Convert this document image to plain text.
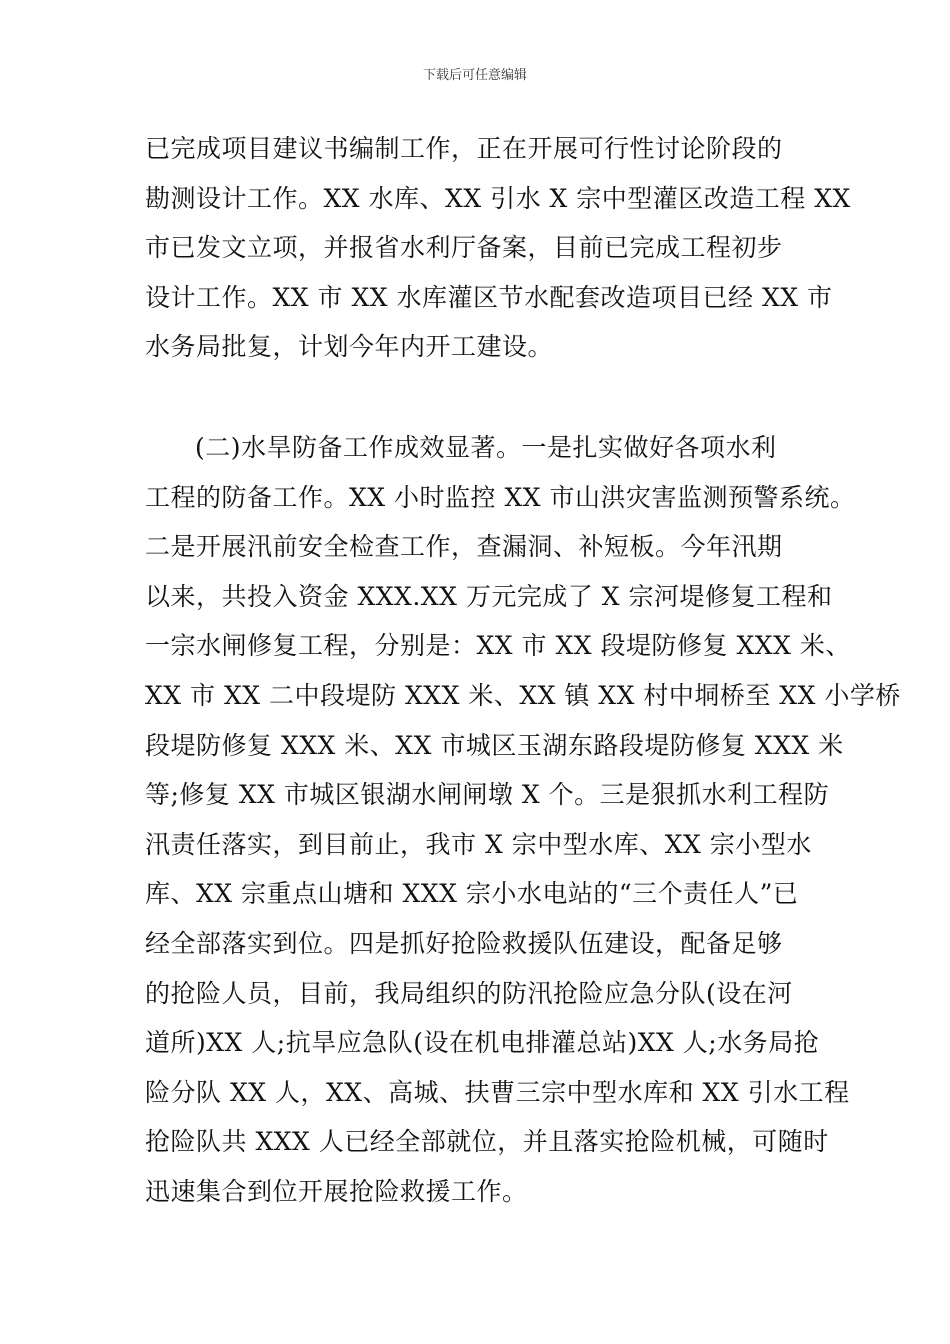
下载后可任意编辑
已完成项目建议书编制工作，正在开展可行性讨论阶段的
勘测设计工作。XX 水库、XX 引水 X 宗中型灌区改造工程 XX
市已发文立项，并报省水利厅备案，目前已完成工程初步
设计工作。XX 市 XX 水库灌区节水配套改造项目已经 XX 市
水务局批复，计划今年内开工建设。
(二)水旱防备工作成效显著。一是扎实做好各项水利
工程的防备工作。XX 小时监控 XX 市山洪灾害监测预警系统。
二是开展汛前安全检查工作，查漏洞、补短板。今年汛期
以来，共投入资金 XXX.XX 万元完成了 X 宗河堤修复工程和
一宗水闸修复工程，分别是：XX 市 XX 段堤防修复 XXX 米、
XX 市 XX 二中段堤防 XXX 米、XX 镇 XX 村中垌桥至 XX 小学桥
段堤防修复 XXX 米、XX 市城区玉湖东路段堤防修复 XXX 米
等;修复 XX 市城区银湖水闸闸墩 X 个。三是狠抓水利工程防
汛责任落实，到目前止，我市 X 宗中型水库、XX 宗小型水
库、XX 宗重点山塘和 XXX 宗小水电站的“三个责任人”已
经全部落实到位。四是抓好抢险救援队伍建设，配备足够
的抢险人员，目前，我局组织的防汛抢险应急分队(设在河
道所)XX 人;抗旱应急队(设在机电排灌总站)XX 人;水务局抢
险分队 XX 人，XX、高城、扶曹三宗中型水库和 XX 引水工程
抢险队共 XXX 人已经全部就位，并且落实抢险机械，可随时
迅速集合到位开展抢险救援工作。
